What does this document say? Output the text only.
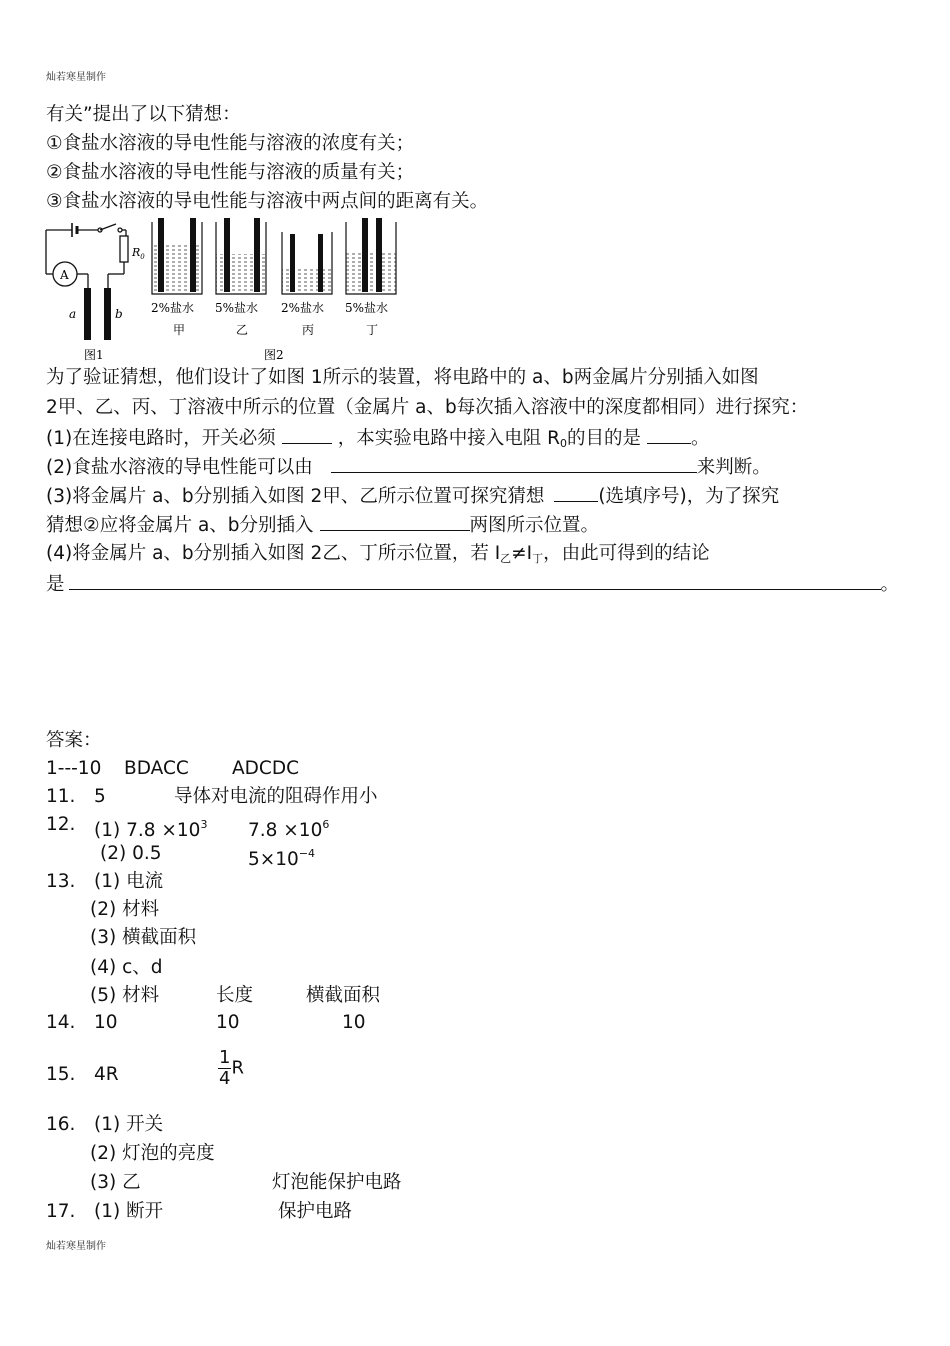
灿若寒星制作
有关”提出了以下猜想：
①食盐水溶液的导电性能与溶液的浓度有关；
②食盐水溶液的导电性能与溶液的质量有关；
③食盐水溶液的导电性能与溶液中两点间的距离有关。
$R_0$
A
a	b
图1
2%盐水 5%盐水 2%盐水 5%盐水
甲	乙	丙	丁
图2
为了验证猜想，他们设计了如图 1所示的装置，将电路中的 a、b两金属片分别插入如图
2甲、乙、丙、丁溶液中所示的位置（金属片 a、b每次插入溶液中的深度都相同）进行探究：
(1)在连接电路时，开关必须	，本实验电路中接入电阻 $R_0$的目的是	。
(2)食盐水溶液的导电性能可以由	来判断。
(3)将金属片 a、b分别插入如图 2甲、乙所示位置可探究猜想	(选填序号)，为了探究
猜想②应将金属片 a、b分别插入	两图所示位置。
(4)将金属片 a、b分别插入如图 2乙、丁所示位置，若 $I_乙\ne I_丁$，由此可得到的结论
是	。
答案：
1---10 BDACC ADCDC
11. 5	导体对电流的阻碍作用小
12. (1) $7.8 \times 10^3$ $7.8 \times 10^6$
(2) 0.5	$5\times 10^{-4}$
13. (1) 电流
(2) 材料
(3) 横截面积
(4) c、d
(5) 材料	长度	横截面积
14. 10	10	10
15. 4R	$\frac{1}{4}$ R
16. (1) 开关
(2) 灯泡的亮度
(3) 乙	灯泡能保护电路
17. (1) 断开	保护电路
灿若寒星制作
